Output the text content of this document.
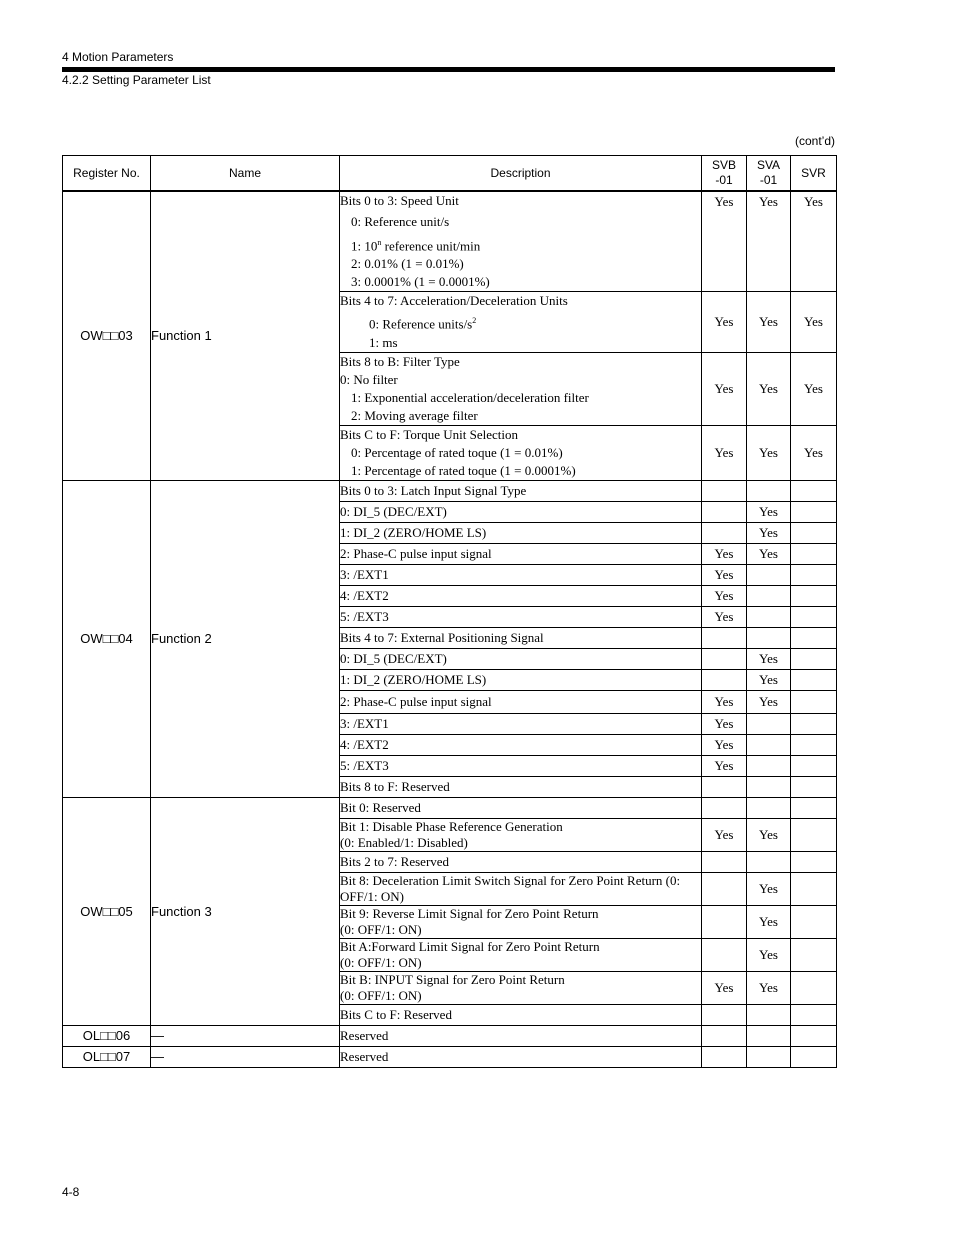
4 Motion Parameters
4.2.2 Setting Parameter List
(cont’d)
Register No.	Name	Description	SVB
-01	SVA
-01	SVR
OW□□03	Function 1	Bits 0 to 3: Speed Unit
0: Reference unit/s
1: 10$^n$ reference unit/min
2: 0.01% (1 = 0.01%)
3: 0.0001% (1 = 0.0001%)	Yes	Yes	Yes

		Bits 4 to 7: Acceleration/Deceleration Units
0: Reference units/$s^2$
1: ms	Yes	Yes	Yes

		Bits 8 to B: Filter Type
0: No filter
1: Exponential acceleration/deceleration filter
2: Moving average filter	Yes	Yes	Yes

		Bits C to F: Torque Unit Selection
0: Percentage of rated toque (1 = 0.01%)
1: Percentage of rated toque (1 = 0.0001%)	Yes	Yes	Yes
OW□□04	Function 2	Bits 0 to 3: Latch Input Signal Type			
		0: DI_5 (DEC/EXT)		Yes	
		1: DI_2 (ZERO/HOME LS)		Yes	
		2: Phase-C pulse input signal	Yes	Yes	
		3: /EXT1	Yes		
		4: /EXT2	Yes		
		5: /EXT3	Yes		
		Bits 4 to 7: External Positioning Signal			
		0: DI_5 (DEC/EXT)		Yes	
		1: DI_2 (ZERO/HOME LS)		Yes	
		2: Phase-C pulse input signal	Yes	Yes	
		3: /EXT1	Yes		
		4: /EXT2	Yes		
		5: /EXT3	Yes		
		Bits 8 to F: Reserved			
OW□□05	Function 3	Bit 0: Reserved			

		Bit 1: Disable Phase Reference Generation
(0: Enabled/1: Disabled)	Yes	Yes	
		Bits 2 to 7: Reserved			

		Bit 8: Deceleration Limit Switch Signal for Zero Point Return (0:
OFF/1: ON)		Yes	

		Bit 9: Reverse Limit Signal for Zero Point Return
(0: OFF/1: ON)		Yes	

		Bit A:Forward Limit Signal for Zero Point Return
(0: OFF/1: ON)		Yes	

		Bit B: INPUT Signal for Zero Point Return
(0: OFF/1: ON)	Yes	Yes	
		Bits C to F: Reserved			
OL□□06	—	Reserved			
OL□□07	—	Reserved			
4-8
